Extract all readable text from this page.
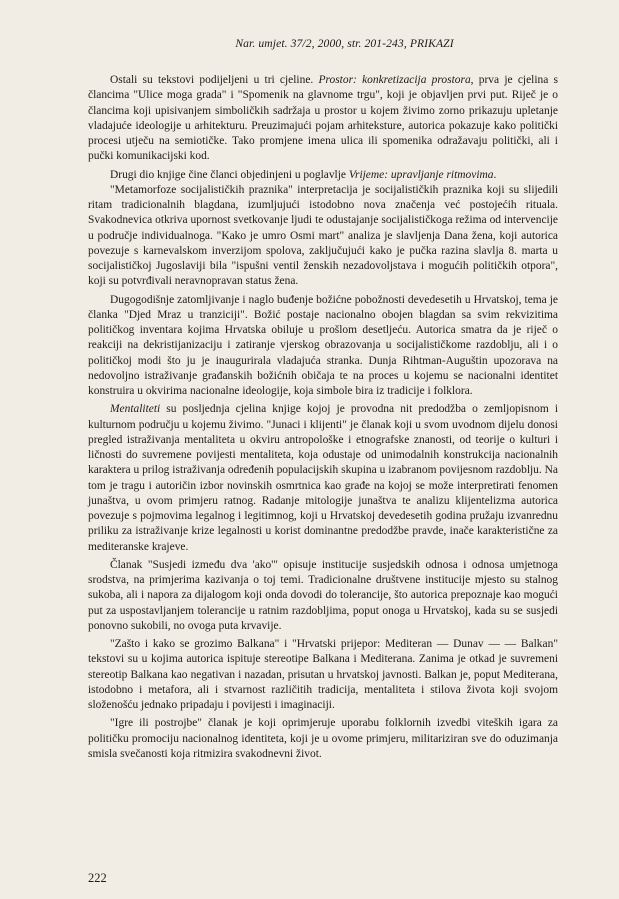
Nar. umjet. 37/2, 2000, str. 201-243, PRIKAZI

Ostali su tekstovi podijeljeni u tri cjeline. Prostor: konkretizacija prostora, prva je cjelina s člancima "Ulice moga grada" i "Spomenik na glavnome trgu", koji je objavljen prvi put. Riječ je o člancima koji upisivanjem simboličkih sadržaja u prostor u kojem živimo zorno prikazuju upletanje vladajuće ideologije u arhitekturu. Preuzimajući pojam arhiteksture, autorica pokazuje kako politički procesi utječu na semiotičke. Tako promjene imena ulica ili spomenika odražavaju politički, ali i pučki komunikacijski kod.

Drugi dio knjige čine članci objedinjeni u poglavlje Vrijeme: upravljanje ritmovima.

"Metamorfoze socijalističkih praznika" interpretacija je socijalističkih praznika koji su slijedili ritam tradicionalnih blagdana, izumljujući istodobno nova značenja već postojećih rituala. Svakodnevica otkriva upornost svetkovanje ljudi te odustajanje socijalističkoga režima od intervencije u područje individualnoga. "Kako je umro Osmi mart" analiza je slavljenja Dana žena, koji autorica povezuje s karnevalskom inverzijom spolova, zaključujući kako je pučka razina slavlja 8. marta u socijalističkoj Jugoslaviji bila "ispušni ventil ženskih nezadovoljstava i mogućih političkih otpora", koji su potvrđivali neravnopravan status žena.

Dugogodišnje zatomljivanje i naglo buđenje božićne pobožnosti devedesetih u Hrvatskoj, tema je članka "Djed Mraz u tranziciji". Božić postaje nacionalno obojen blagdan sa svim rekvizitima političkog inventara kojima Hrvatska obiluje u prošlom desetljeću. Autorica smatra da je riječ o reakciji na dekristijanizaciju i zatiranje vjerskog obrazovanja u socijalističkome razdoblju, ali i o političkoj modi što ju je inaugurirala vladajuća stranka. Dunja Rihtman-Auguštin upozorava na nedovoljno istraživanje građanskih božićnih običaja te na proces u kojemu se nacionalni identitet konstruira u okvirima nacionalne ideologije, koja simbole bira iz tradicije i folklora.

Mentaliteti su posljednja cjelina knjige kojoj je provodna nit predodžba o zemljopisnom i kulturnom području u kojemu živimo. "Junaci i klijenti" je članak koji u svom uvodnom dijelu donosi pregled istraživanja mentaliteta u okviru antropološke i etnografske znanosti, od teorije o kulturi i ličnosti do suvremene povijesti mentaliteta, koja odustaje od unimodalnih konstrukcija nacionalnih karaktera u prilog istraživanja određenih populacijskih skupina u izabranom povijesnom razdoblju. Na tom je tragu i autoričin izbor novinskih osmrtnica kao građe na kojoj se može interpretirati fenomen junaštva, u ovom primjeru ratnog. Radanje mitologije junaštva te analizu klijentelizma autorica povezuje s pojmovima legalnog i legitimnog, koji u Hrvatskoj devedesetih godina pružaju izvanrednu priliku za istraživanje krize legalnosti u korist dominantne predodžbe pravde, inače karakteristične za mediteranske krajeve.

Članak "Susjedi između dva 'ako'" opisuje institucije susjedskih odnosa i odnosa umjetnoga srodstva, na primjerima kazivanja o toj temi. Tradicionalne društvene institucije mjesto su stalnog sukoba, ali i napora za dijalogom koji onda dovodi do tolerancije, što autorica prepoznaje kao mogući put za uspostavljanjem tolerancije u ratnim razdobljima, poput onoga u Hrvatskoj, kada su se susjedi ponovno sukobili, no ovoga puta krvavije.

"Zašto i kako se grozimo Balkana" i "Hrvatski prijepor: Mediteran — Dunav — — Balkan" tekstovi su u kojima autorica ispituje stereotipe Balkana i Mediterana. Zanima je otkad je suvremeni stereotip Balkana kao negativan i nazadan, prisutan u hrvatskoj javnosti. Balkan je, poput Mediterana, istodobno i metafora, ali i stvarnost različitih tradicija, mentaliteta i stilova života koji svojom složenošću jednako pripadaju i povijesti i imaginaciji.

"Igre ili postrojbe" članak je koji oprimjeruje uporabu folklornih izvedbi viteških igara za političku promociju nacionalnog identiteta, koji je u ovome primjeru, militariziran sve do oduzimanja smisla svečanosti koja ritmizira svakodnevni život.

222
